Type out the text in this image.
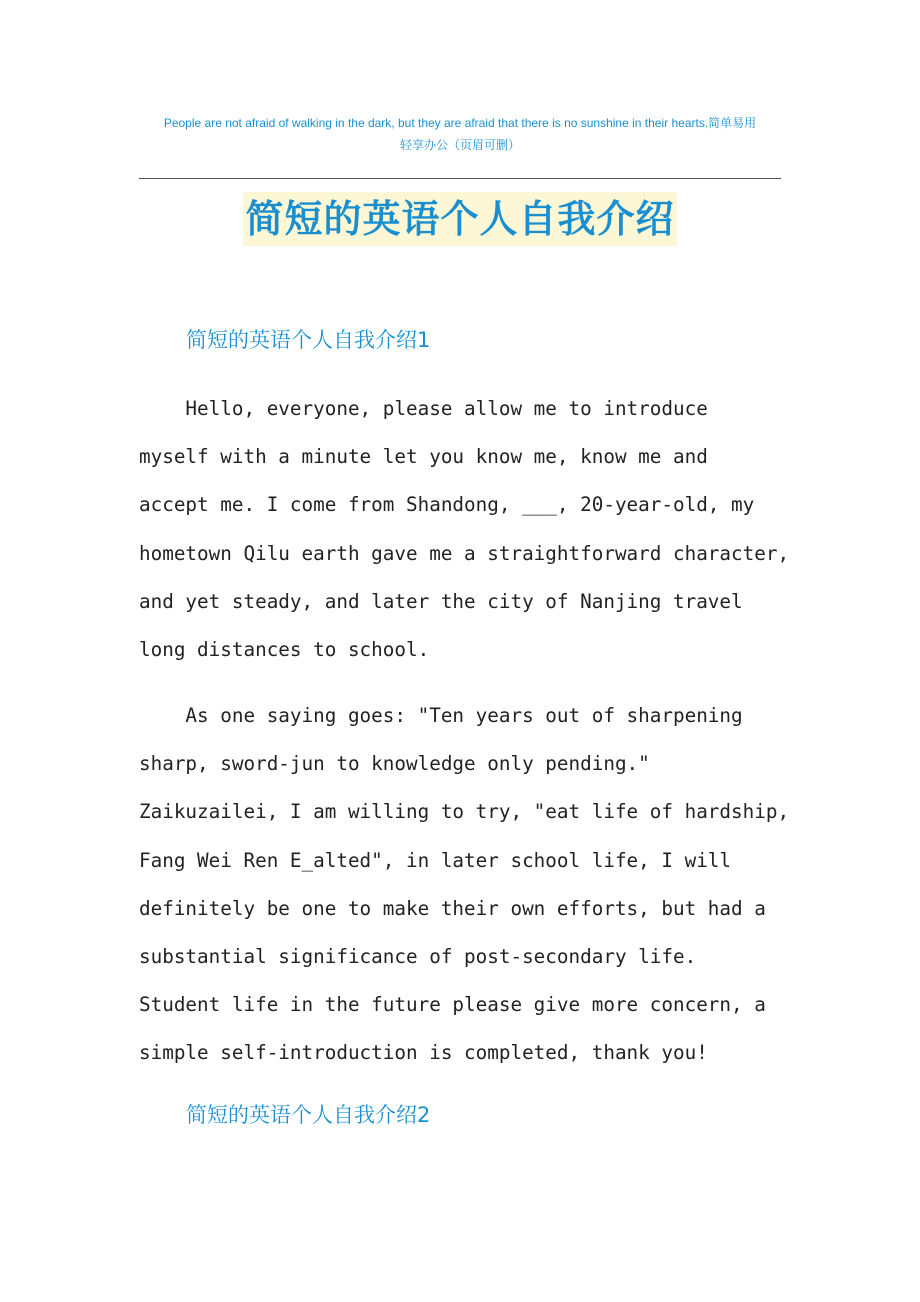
People are not afraid of walking in the dark, but they are afraid that there is no sunshine in their hearts.简单易用
轻享办公（页眉可删）
简短的英语个人自我介绍
简短的英语个人自我介绍1
Hello, everyone, please allow me to introduce
myself with a minute let you know me, know me and
accept me. I come from Shandong, ___, 20-year-old, my
hometown Qilu earth gave me a straightforward character,
and yet steady, and later the city of Nanjing travel
long distances to school.
As one saying goes: "Ten years out of sharpening
sharp, sword-jun to knowledge only pending."
Zaikuzailei, I am willing to try, "eat life of hardship,
Fang Wei Ren E_alted", in later school life, I will
definitely be one to make their own efforts, but had a
substantial significance of post-secondary life.
Student life in the future please give more concern, a
simple self-introduction is completed, thank you!
简短的英语个人自我介绍2
